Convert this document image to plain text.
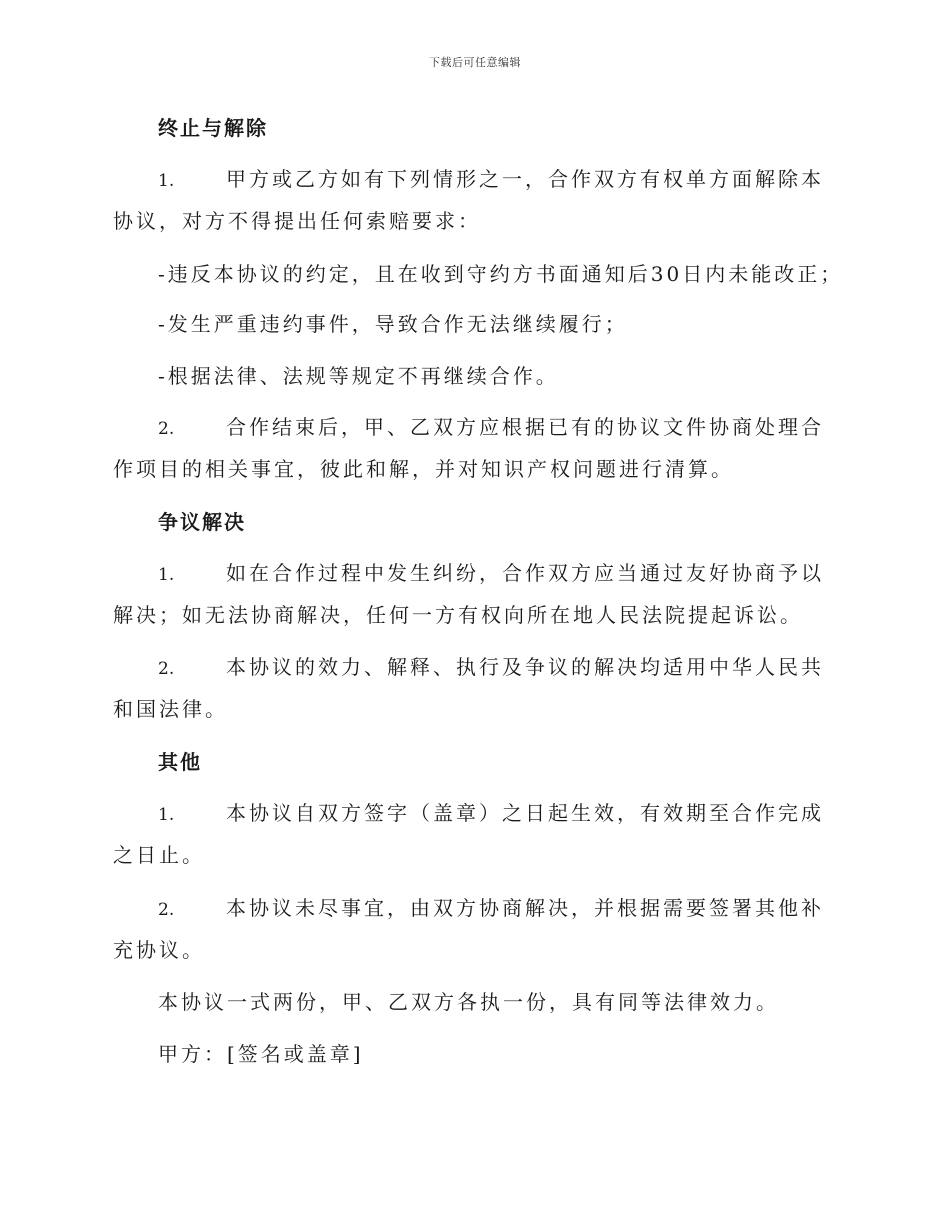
下载后可任意编辑

终止与解除

1.	甲方或乙方如有下列情形之一，合作双方有权单方面解除本协议，对方不得提出任何索赔要求：

-违反本协议的约定，且在收到守约方书面通知后30日内未能改正；

-发生严重违约事件，导致合作无法继续履行；

-根据法律、法规等规定不再继续合作。

2.	合作结束后，甲、乙双方应根据已有的协议文件协商处理合作项目的相关事宜，彼此和解，并对知识产权问题进行清算。

争议解决

1.	如在合作过程中发生纠纷，合作双方应当通过友好协商予以解决；如无法协商解决，任何一方有权向所在地人民法院提起诉讼。

2.	本协议的效力、解释、执行及争议的解决均适用中华人民共和国法律。

其他

1.	本协议自双方签字（盖章）之日起生效，有效期至合作完成之日止。

2.	本协议未尽事宜，由双方协商解决，并根据需要签署其他补充协议。

本协议一式两份，甲、乙双方各执一份，具有同等法律效力。

甲方：[签名或盖章]
